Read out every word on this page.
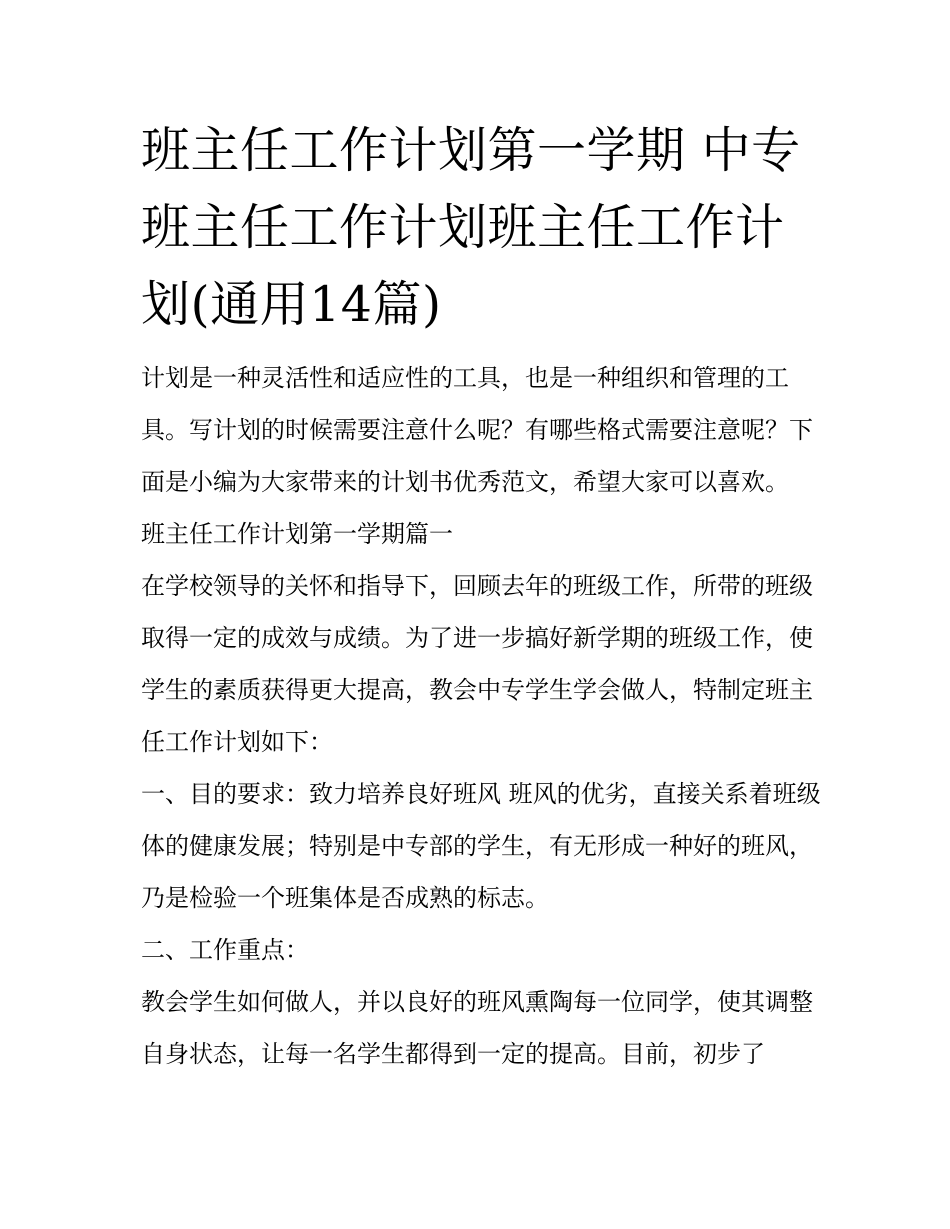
班主任工作计划第一学期 中专班主任工作计划班主任工作计划(通用14篇)

计划是一种灵活性和适应性的工具，也是一种组织和管理的工具。写计划的时候需要注意什么呢？有哪些格式需要注意呢？下面是小编为大家带来的计划书优秀范文，希望大家可以喜欢。

班主任工作计划第一学期篇一

在学校领导的关怀和指导下，回顾去年的班级工作，所带的班级取得一定的成效与成绩。为了进一步搞好新学期的班级工作，使学生的素质获得更大提高，教会中专学生学会做人，特制定班主任工作计划如下：

一、目的要求：致力培养良好班风 班风的优劣，直接关系着班级体的健康发展；特别是中专部的学生，有无形成一种好的班风，乃是检验一个班集体是否成熟的标志。

二、工作重点：

教会学生如何做人，并以良好的班风熏陶每一位同学，使其调整自身状态，让每一名学生都得到一定的提高。目前，初步了
